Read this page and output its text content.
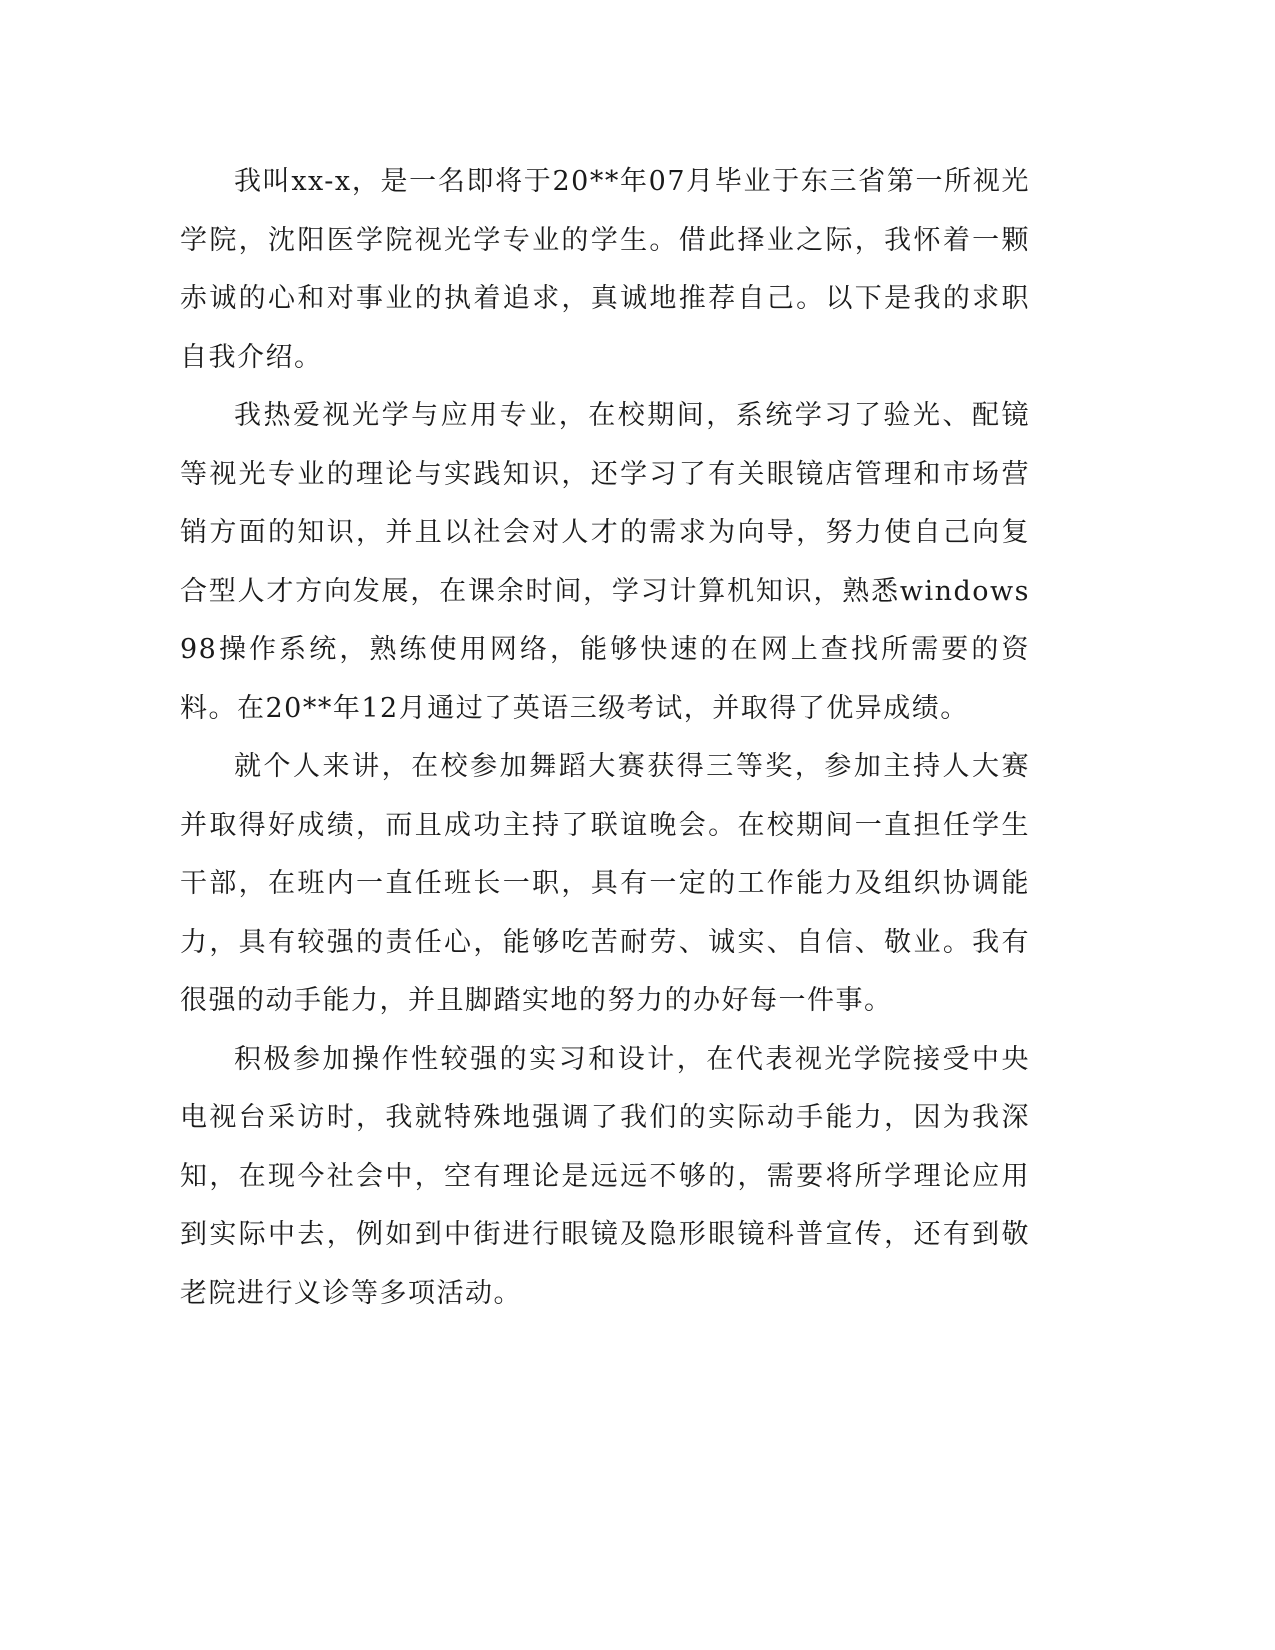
我叫xx-x，是一名即将于20**年07月毕业于东三省第一所视光学院，沈阳医学院视光学专业的学生。借此择业之际，我怀着一颗赤诚的心和对事业的执着追求，真诚地推荐自己。以下是我的求职自我介绍。

我热爱视光学与应用专业，在校期间，系统学习了验光、配镜等视光专业的理论与实践知识，还学习了有关眼镜店管理和市场营销方面的知识，并且以社会对人才的需求为向导，努力使自己向复合型人才方向发展，在课余时间，学习计算机知识，熟悉windows98操作系统，熟练使用网络，能够快速的在网上查找所需要的资料。在20**年12月通过了英语三级考试，并取得了优异成绩。

就个人来讲，在校参加舞蹈大赛获得三等奖，参加主持人大赛并取得好成绩，而且成功主持了联谊晚会。在校期间一直担任学生干部，在班内一直任班长一职，具有一定的工作能力及组织协调能力，具有较强的责任心，能够吃苦耐劳、诚实、自信、敬业。我有很强的动手能力，并且脚踏实地的努力的办好每一件事。

积极参加操作性较强的实习和设计，在代表视光学院接受中央电视台采访时，我就特殊地强调了我们的实际动手能力，因为我深知，在现今社会中，空有理论是远远不够的，需要将所学理论应用到实际中去，例如到中街进行眼镜及隐形眼镜科普宣传，还有到敬老院进行义诊等多项活动。
